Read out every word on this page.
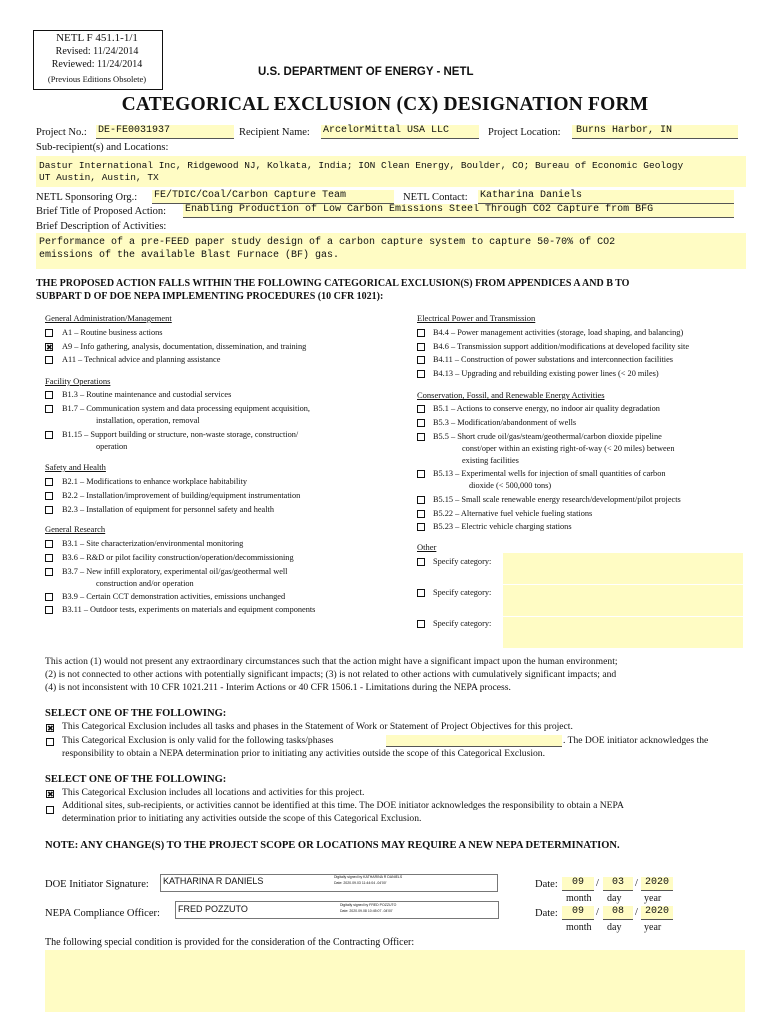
NETL F 451.1-1/1
Revised: 11/24/2014
Reviewed: 11/24/2014
(Previous Editions Obsolete)
U.S. DEPARTMENT OF ENERGY - NETL
CATEGORICAL EXCLUSION (CX) DESIGNATION FORM
Project No.: DE-FE0031937	Recipient Name: ArcelorMittal USA LLC	Project Location:	Burns Harbor, IN
Sub-recipient(s) and Locations:
Dastur International Inc, Ridgewood NJ, Kolkata, India; ION Clean Energy, Boulder, CO; Bureau of Economic Geology
UT Austin, Austin, TX
NETL Sponsoring Org.: FE/TDIC/Coal/Carbon Capture Team	NETL Contact: Katharina Daniels
Brief Title of Proposed Action: Enabling Production of Low Carbon Emissions Steel Through CO2 Capture from BFG
Brief Description of Activities:
Performance of a pre-FEED paper study design of a carbon capture system to capture 50-70% of CO2
emissions of the available Blast Furnace (BF) gas.
THE PROPOSED ACTION FALLS WITHIN THE FOLLOWING CATEGORICAL EXCLUSION(S) FROM APPENDICES A AND B TO
SUBPART D OF DOE NEPA IMPLEMENTING PROCEDURES (10 CFR 1021):
General Administration/Management
A1 – Routine business actions
✖ A9 – Info gathering, analysis, documentation, dissemination, and training
A11 – Technical advice and planning assistance
Facility Operations
B1.3 – Routine maintenance and custodial services
B1.7 – Communication system and data processing equipment acquisition,
installation, operation, removal
B1.15 – Support building or structure, non-waste storage, construction/
operation
Safety and Health
B2.1 – Modifications to enhance workplace habitability
B2.2 – Installation/improvement of building/equipment instrumentation
B2.3 – Installation of equipment for personnel safety and health
General Research
B3.1 – Site characterization/environmental monitoring
B3.6 – R&D or pilot facility construction/operation/decommissioning
B3.7 – New infill exploratory, experimental oil/gas/geothermal well
construction and/or operation
B3.9 – Certain CCT demonstration activities, emissions unchanged
B3.11 – Outdoor tests, experiments on materials and equipment components
Electrical Power and Transmission
B4.4 – Power management activities (storage, load shaping, and balancing)
B4.6 – Transmission support addition/modifications at developed facility site
B4.11 – Construction of power substations and interconnection facilities
B4.13 – Upgrading and rebuilding existing power lines (< 20 miles)
Conservation, Fossil, and Renewable Energy Activities
B5.1 – Actions to conserve energy, no indoor air quality degradation
B5.3 – Modification/abandonment of wells
B5.5 – Short crude oil/gas/steam/geothermal/carbon dioxide pipeline
const/oper within an existing right-of-way (< 20 miles) between
existing facilities
B5.13 – Experimental wells for injection of small quantities of carbon
dioxide (< 500,000 tons)
B5.15 – Small scale renewable energy research/development/pilot projects
B5.22 – Alternative fuel vehicle fueling stations
B5.23 – Electric vehicle charging stations
Other
Specify category:
Specify category:
Specify category:
This action (1) would not present any extraordinary circumstances such that the action might have a significant impact upon the human environment;
(2) is not connected to other actions with potentially significant impacts; (3) is not related to other actions with cumulatively significant impacts; and
(4) is not inconsistent with 10 CFR 1021.211 - Interim Actions or 40 CFR 1506.1 - Limitations during the NEPA process.
SELECT ONE OF THE FOLLOWING:
✖ This Categorical Exclusion includes all tasks and phases in the Statement of Work or Statement of Project Objectives for this project.
This Categorical Exclusion is only valid for the following tasks/phases	. The DOE initiator acknowledges the
responsibility to obtain a NEPA determination prior to initiating any activities outside the scope of this Categorical Exclusion.
SELECT ONE OF THE FOLLOWING:
✖ This Categorical Exclusion includes all locations and activities for this project.
Additional sites, sub-recipients, or activities cannot be identified at this time. The DOE initiator acknowledges the responsibility to obtain a NEPA
determination prior to initiating any activities outside the scope of this Categorical Exclusion.
NOTE: ANY CHANGE(S) TO THE PROJECT SCOPE OR LOCATIONS MAY REQUIRE A NEW NEPA DETERMINATION.
DOE Initiator Signature: KATHARINA R DANIELS	Digitally signed by KATHARINA R DANIELS
Date: 2020.09.03 11:44:04 -04'00'	Date:	09	/	03	/ 2020
month day year
NEPA Compliance Officer: FRED POZZUTO	Digitally signed by FRED POZZUTO
Date: 2020.09.08 10:45:07 -04'00'	Date:	09	/	08	/ 2020
month day year
The following special condition is provided for the consideration of the Contracting Officer:
